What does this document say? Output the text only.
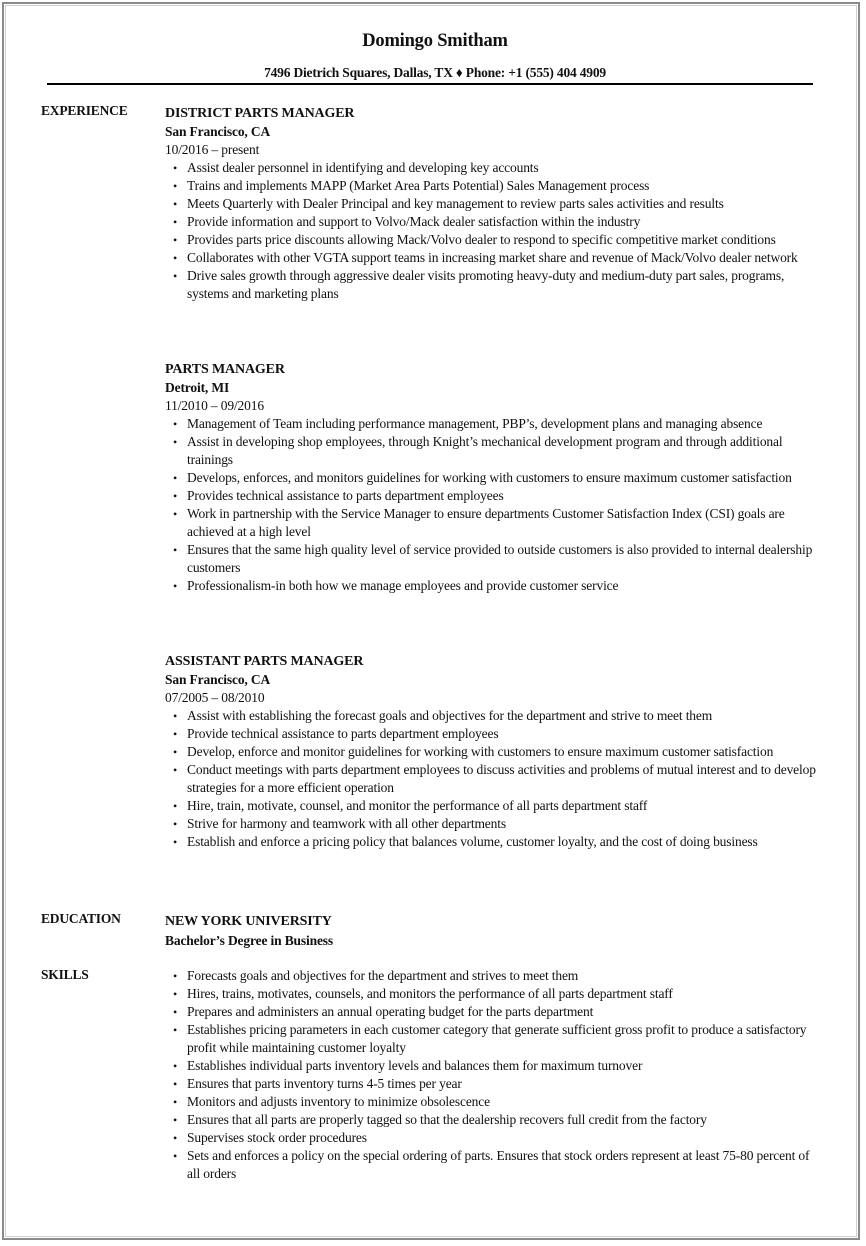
Domingo Smitham
7496 Dietrich Squares, Dallas, TX ♦ Phone: +1 (555) 404 4909
EXPERIENCE	DISTRICT PARTS MANAGER
San Francisco, CA
10/2016 – present
• Assist dealer personnel in identifying and developing key accounts
• Trains and implements MAPP (Market Area Parts Potential) Sales Management process
• Meets Quarterly with Dealer Principal and key management to review parts sales activities and results
• Provide information and support to Volvo/Mack dealer satisfaction within the industry
• Provides parts price discounts allowing Mack/Volvo dealer to respond to specific competitive market conditions
• Collaborates with other VGTA support teams in increasing market share and revenue of Mack/Volvo dealer network
• Drive sales growth through aggressive dealer visits promoting heavy-duty and medium-duty part sales, programs, systems and marketing plans
PARTS MANAGER
Detroit, MI
11/2010 – 09/2016
• Management of Team including performance management, PBP’s, development plans and managing absence
• Assist in developing shop employees, through Knight’s mechanical development program and through additional trainings
• Develops, enforces, and monitors guidelines for working with customers to ensure maximum customer satisfaction
• Provides technical assistance to parts department employees
• Work in partnership with the Service Manager to ensure departments Customer Satisfaction Index (CSI) goals are achieved at a high level
• Ensures that the same high quality level of service provided to outside customers is also provided to internal dealership customers
• Professionalism-in both how we manage employees and provide customer service
ASSISTANT PARTS MANAGER
San Francisco, CA
07/2005 – 08/2010
• Assist with establishing the forecast goals and objectives for the department and strive to meet them
• Provide technical assistance to parts department employees
• Develop, enforce and monitor guidelines for working with customers to ensure maximum customer satisfaction
• Conduct meetings with parts department employees to discuss activities and problems of mutual interest and to develop strategies for a more efficient operation
• Hire, train, motivate, counsel, and monitor the performance of all parts department staff
• Strive for harmony and teamwork with all other departments
• Establish and enforce a pricing policy that balances volume, customer loyalty, and the cost of doing business
EDUCATION	NEW YORK UNIVERSITY
Bachelor’s Degree in Business
SKILLS	• Forecasts goals and objectives for the department and strives to meet them
• Hires, trains, motivates, counsels, and monitors the performance of all parts department staff
• Prepares and administers an annual operating budget for the parts department
• Establishes pricing parameters in each customer category that generate sufficient gross profit to produce a satisfactory profit while maintaining customer loyalty
• Establishes individual parts inventory levels and balances them for maximum turnover
• Ensures that parts inventory turns 4-5 times per year
• Monitors and adjusts inventory to minimize obsolescence
• Ensures that all parts are properly tagged so that the dealership recovers full credit from the factory
• Supervises stock order procedures
• Sets and enforces a policy on the special ordering of parts. Ensures that stock orders represent at least 75-80 percent of all orders
